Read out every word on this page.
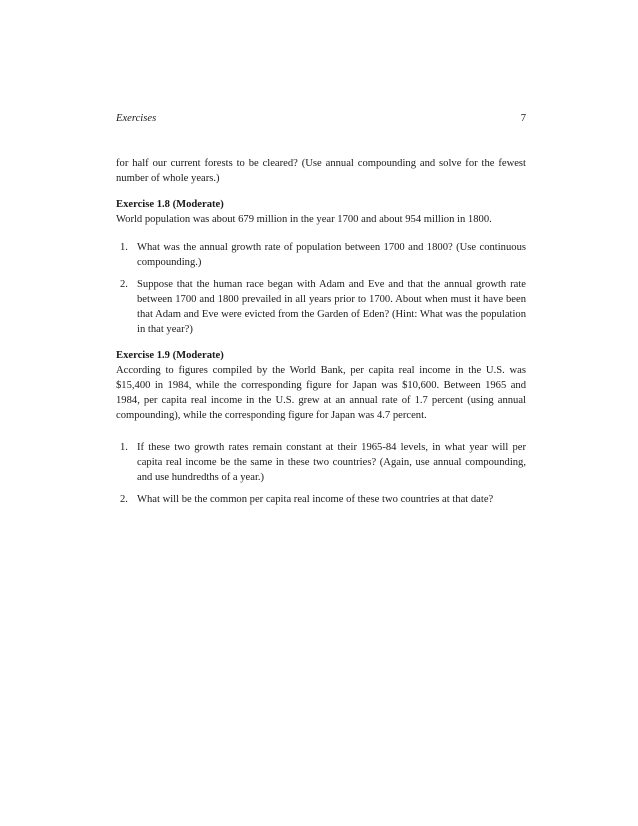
Exercises	7

for half our current forests to be cleared? (Use annual compounding and solve for the fewest number of whole years.)

Exercise 1.8 (Moderate)

World population was about 679 million in the year 1700 and about 954 million in 1800.

1. What was the annual growth rate of population between 1700 and 1800? (Use continuous compounding.)
2. Suppose that the human race began with Adam and Eve and that the annual growth rate between 1700 and 1800 prevailed in all years prior to 1700. About when must it have been that Adam and Eve were evicted from the Garden of Eden? (Hint: What was the population in that year?)
Exercise 1.9 (Moderate)

According to figures compiled by the World Bank, per capita real income in the U.S. was $15,400 in 1984, while the corresponding figure for Japan was $10,600. Between 1965 and 1984, per capita real income in the U.S. grew at an annual rate of 1.7 percent (using annual compounding), while the corresponding figure for Japan was 4.7 percent.

1. If these two growth rates remain constant at their 1965-84 levels, in what year will per capita real income be the same in these two countries? (Again, use annual compounding, and use hundredths of a year.)
2. What will be the common per capita real income of these two countries at that date?
